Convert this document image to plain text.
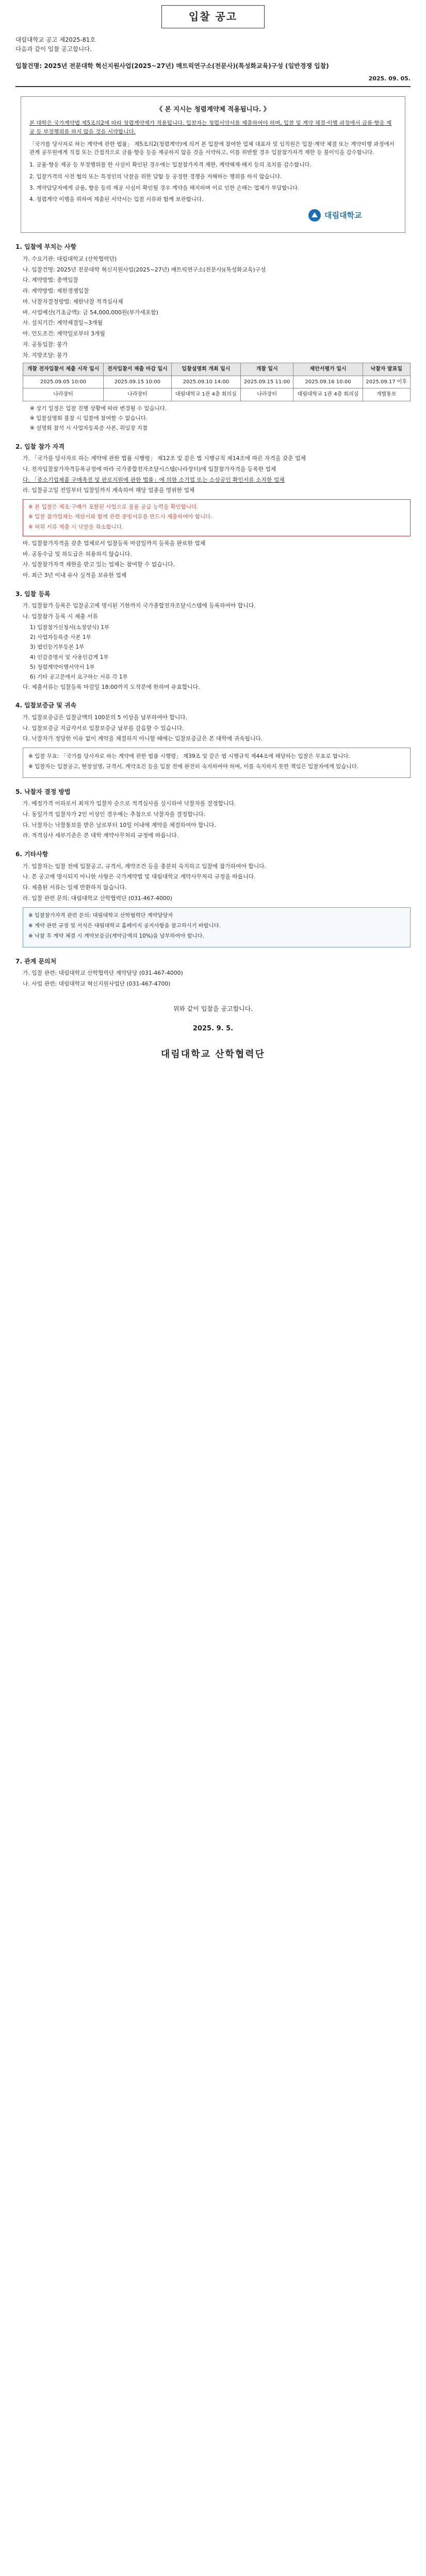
입찰 공고
대림대학교 공고 제2025-81호
다음과 같이 입찰 공고합니다.
입찰건명: 2025년 전문대학 혁신지원사업(2025~27년) 매트릭연구소(전문사)(특성화교육)구성 (일반경쟁 입찰)
2025. 09. 05.
《 본 지시는 청렴계약제 적용됩니다. 》

본 대학은 국가계약법 제5조의2에 따라 청렴계약제가 적용됩니다. 입찰자는 청렴서약서를 제출하여야 하며, 입찰 및 계약 체결·이행 과정에서 금품·향응 제공 등 부정행위를 하지 않을 것을 서약합니다.

「국가를 당사자로 하는 계약에 관한 법률」 제5조의2(청렴계약)에 의거 본 입찰에 참여한 업체 대표자 및 임직원은 입찰·계약 체결 또는 계약이행 과정에서 관계 공무원에게 직접 또는 간접적으로 금품·향응 등을 제공하지 않을 것을 서약하고, 이를 위반할 경우 입찰참가자격 제한 등 불이익을 감수합니다.

1. 금품·향응 제공 등 부정행위를 한 사실이 확인된 경우에는 입찰참가자격 제한, 계약해제·해지 등의 조치를 감수합니다.
2. 입찰가격의 사전 협의 또는 특정인의 낙찰을 위한 담합 등 공정한 경쟁을 저해하는 행위를 하지 않습니다.
3. 계약담당자에게 금품, 향응 등의 제공 사실이 확인될 경우 계약을 해지하며 이로 인한 손해는 업체가 부담합니다.
4. 청렴계약 이행을 위하여 제출된 서약서는 입찰 서류와 함께 보관합니다.
대림대학교
1. 입찰에 부치는 사항
가. 수요기관: 대림대학교 (산학협력단)
나. 입찰건명: 2025년 전문대학 혁신지원사업(2025~27년) 매트릭연구소(전문사)(특성화교육)구성
다. 계약방법: 총액입찰
라. 계약방법: 제한경쟁입찰
마. 낙찰자결정방법: 제한낙찰 적격심사제
바. 사업예산(기초금액): 금 54,000,000원(부가세포함)
사. 설치기간: 계약체결일~3개월
아. 인도조건: 계약일로부터 3개월
자. 공동입찰: 불가
차. 지방조달: 불가
개찰 전자입찰서 제출 시작 일시	전자입찰서 제출 마감 일시	입찰설명회 개최 일시	개찰 일시	제안서평가 일시	낙찰자 발표일
2025.09.05 10:00	2025.09.15 10:00	2025.09.10 14:00	2025.09.15 11:00	2025.09.16 10:00	2025.09.17 이후
나라장터	나라장터	대림대학교 1관 4층 회의실	나라장터	대림대학교 1관 4층 회의실	개별통보
※ 상기 일정은 입찰 진행 상황에 따라 변경될 수 있습니다.
※ 입찰설명회 불참 시 입찰에 참여할 수 없습니다.
※ 설명회 참석 시 사업자등록증 사본, 위임장 지참
2. 입찰 참가 자격
가. 「국가를 당사자로 하는 계약에 관한 법률 시행령」 제12조 및 같은 법 시행규칙 제14조에 따른 자격을 갖춘 업체
나. 전자입찰참가자격등록규정에 따라 국가종합전자조달시스템(나라장터)에 입찰참가자격을 등록한 업체
다. 「중소기업제품 구매촉진 및 판로지원에 관한 법률」에 의한 소기업 또는 소상공인 확인서를 소지한 업체
라. 입찰공고일 전일부터 입찰일까지 계속하여 해당 업종을 영위한 업체

※ 본 입찰은 제조·구매가 포함된 사업으로 물품 공급 능력을 확인합니다.

※ 입찰 참가업체는 제안서와 함께 관련 증빙서류를 반드시 제출하여야 합니다.

※ 허위 서류 제출 시 낙찰을 취소합니다.

마. 입찰참가자격을 갖춘 업체로서 입찰등록 마감일까지 등록을 완료한 업체
바. 공동수급 및 하도급은 허용하지 않습니다.
사. 입찰참가자격 제한을 받고 있는 업체는 참여할 수 없습니다.
아. 최근 3년 이내 유사 실적을 보유한 업체
3. 입찰 등록
가. 입찰참가 등록은 입찰공고에 명시된 기한까지 국가종합전자조달시스템에 등록하여야 합니다.
나. 입찰참가 등록 시 제출 서류
1) 입찰참가신청서(소정양식) 1부
2) 사업자등록증 사본 1부
3) 법인등기부등본 1부
4) 인감증명서 및 사용인감계 1부
5) 청렴계약이행서약서 1부
6) 기타 공고문에서 요구하는 서류 각 1부
다. 제출서류는 입찰등록 마감일 18:00까지 도착분에 한하여 유효합니다.
4. 입찰보증금 및 귀속
가. 입찰보증금은 입찰금액의 100분의 5 이상을 납부하여야 합니다.
나. 입찰보증금 지급각서로 입찰보증금 납부를 갈음할 수 있습니다.
다. 낙찰자가 정당한 이유 없이 계약을 체결하지 아니할 때에는 입찰보증금은 본 대학에 귀속됩니다.

※ 입찰 무효: 「국가를 당사자로 하는 계약에 관한 법률 시행령」 제39조 및 같은 법 시행규칙 제44조에 해당하는 입찰은 무효로 합니다.

※ 입찰자는 입찰공고, 현장설명, 규격서, 계약조건 등을 입찰 전에 완전히 숙지하여야 하며, 이를 숙지하지 못한 책임은 입찰자에게 있습니다.

5. 낙찰자 결정 방법
가. 예정가격 이하로서 최저가 입찰자 순으로 적격심사를 실시하여 낙찰자를 결정합니다.
나. 동일가격 입찰자가 2인 이상인 경우에는 추첨으로 낙찰자를 결정합니다.
다. 낙찰자는 낙찰통보를 받은 날로부터 10일 이내에 계약을 체결하여야 합니다.
라. 적격심사 세부기준은 본 대학 계약사무처리 규정에 따릅니다.
6. 기타사항
가. 입찰자는 입찰 전에 입찰공고, 규격서, 계약조건 등을 충분히 숙지하고 입찰에 참가하여야 합니다.
나. 본 공고에 명시되지 아니한 사항은 국가계약법 및 대림대학교 계약사무처리 규정을 따릅니다.
다. 제출된 서류는 일체 반환하지 않습니다.
라. 입찰 관련 문의: 대림대학교 산학협력단 (031-467-4000)

※ 입찰참가자격 관련 문의: 대림대학교 산학협력단 계약담당자

※ 계약 관련 규정 및 서식은 대림대학교 홈페이지 공지사항을 참고하시기 바랍니다.

※ 낙찰 후 계약 체결 시 계약보증금(계약금액의 10%)을 납부하여야 합니다.

7. 관계 문의처
가. 입찰 관련: 대림대학교 산학협력단 계약담당 (031-467-4000)
나. 사업 관련: 대림대학교 혁신지원사업단 (031-467-4700)
위와 같이 입찰을 공고합니다.
2025. 9. 5.
대림대학교 산학협력단
